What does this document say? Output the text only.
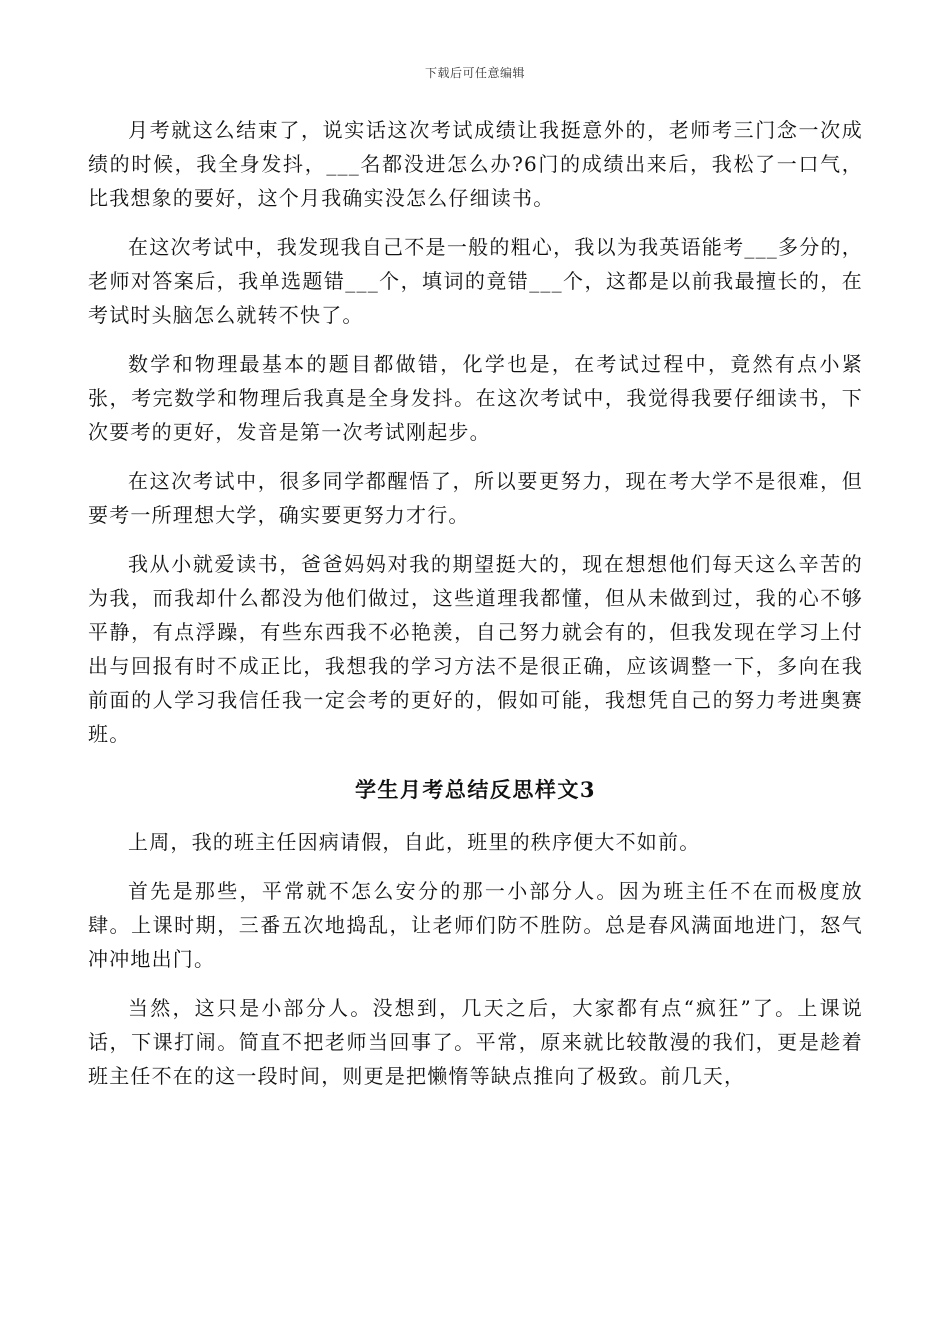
下载后可任意编辑

月考就这么结束了，说实话这次考试成绩让我挺意外的，老师考三门念一次成绩的时候，我全身发抖，___名都没进怎么办?6门的成绩出来后，我松了一口气，比我想象的要好，这个月我确实没怎么仔细读书。

在这次考试中，我发现我自己不是一般的粗心，我以为我英语能考___多分的，老师对答案后，我单选题错___个，填词的竟错___个，这都是以前我最擅长的，在考试时头脑怎么就转不快了。

数学和物理最基本的题目都做错，化学也是，在考试过程中，竟然有点小紧张，考完数学和物理后我真是全身发抖。在这次考试中，我觉得我要仔细读书，下次要考的更好，发音是第一次考试刚起步。

在这次考试中，很多同学都醒悟了，所以要更努力，现在考大学不是很难，但要考一所理想大学，确实要更努力才行。

我从小就爱读书，爸爸妈妈对我的期望挺大的，现在想想他们每天这么辛苦的为我，而我却什么都没为他们做过，这些道理我都懂，但从未做到过，我的心不够平静，有点浮躁，有些东西我不必艳羡，自己努力就会有的，但我发现在学习上付出与回报有时不成正比，我想我的学习方法不是很正确，应该调整一下，多向在我前面的人学习我信任我一定会考的更好的，假如可能，我想凭自己的努力考进奥赛班。

学生月考总结反思样文3

上周，我的班主任因病请假，自此，班里的秩序便大不如前。

首先是那些，平常就不怎么安分的那一小部分人。因为班主任不在而极度放肆。上课时期，三番五次地捣乱，让老师们防不胜防。总是春风满面地进门，怒气冲冲地出门。

当然，这只是小部分人。没想到，几天之后，大家都有点“疯狂”了。上课说话，下课打闹。简直不把老师当回事了。平常，原来就比较散漫的我们，更是趁着班主任不在的这一段时间，则更是把懒惰等缺点推向了极致。前几天，
